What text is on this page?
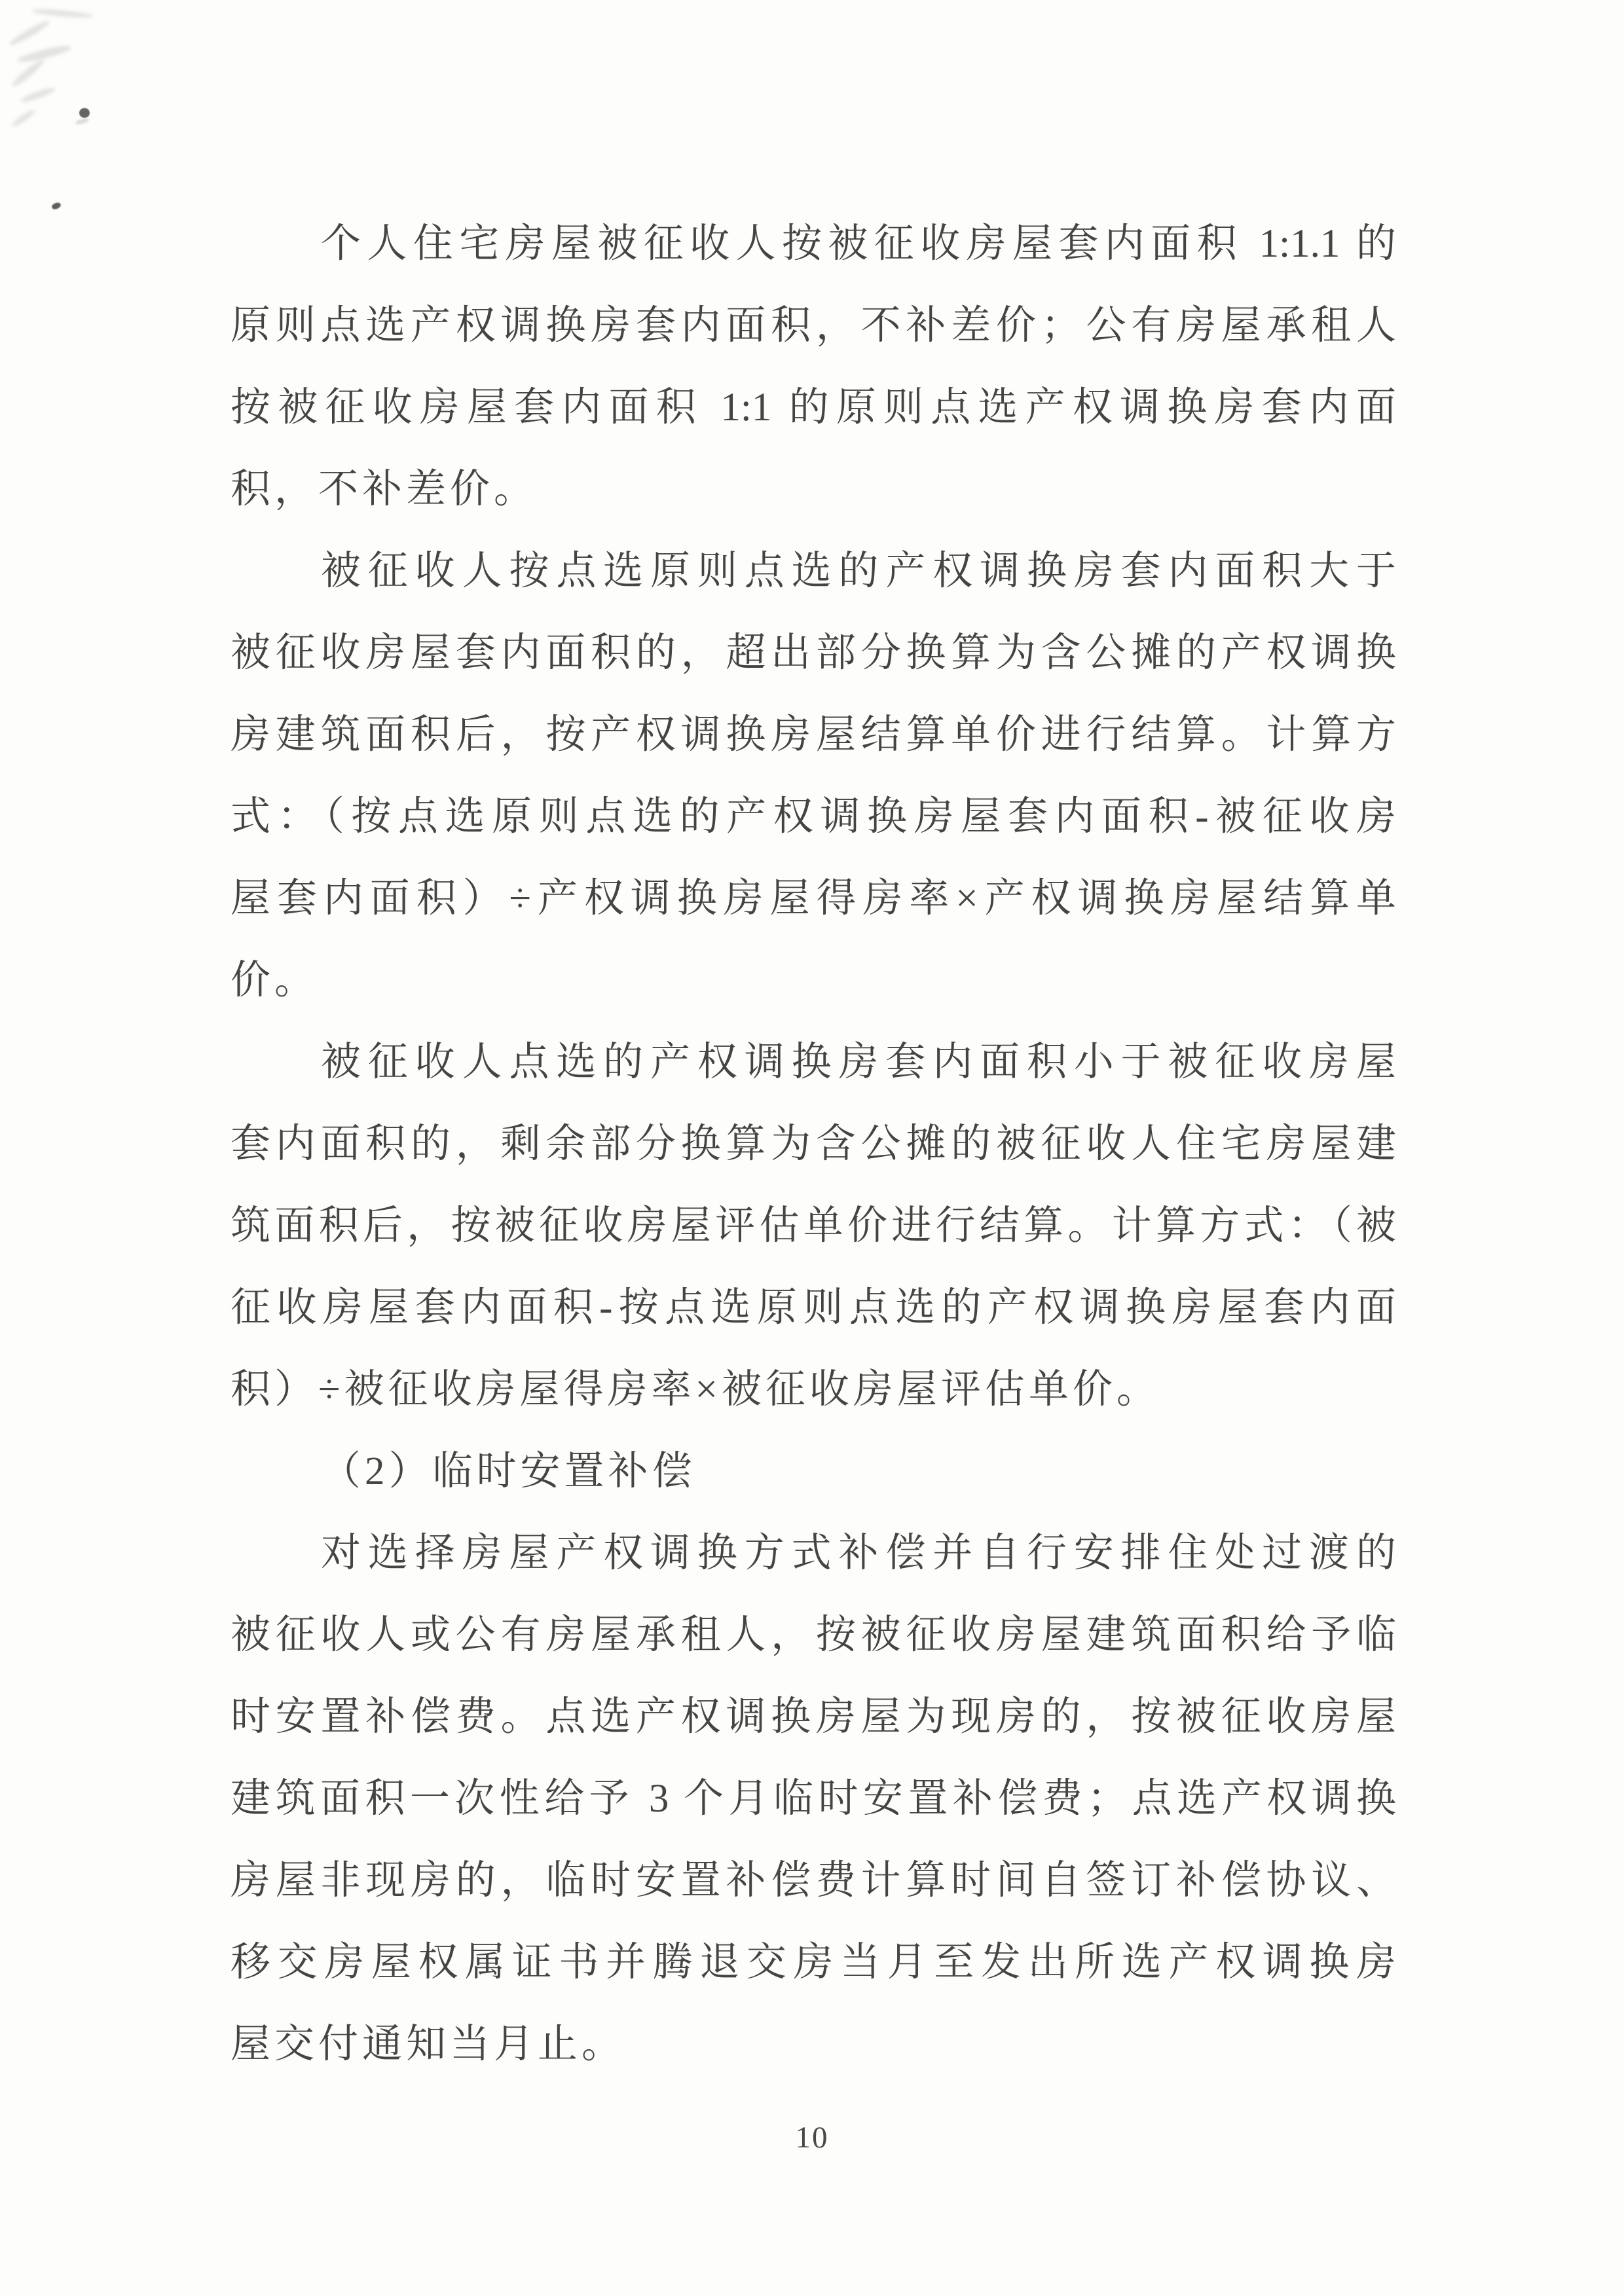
个人住宅房屋被征收人按被征收房屋套内面积 1:1.1 的
原则点选产权调换房套内面积，不补差价；公有房屋承租人
按被征收房屋套内面积 1:1 的原则点选产权调换房套内面
积，不补差价。
被征收人按点选原则点选的产权调换房套内面积大于
被征收房屋套内面积的，超出部分换算为含公摊的产权调换
房建筑面积后，按产权调换房屋结算单价进行结算。计算方
式：（按点选原则点选的产权调换房屋套内面积-被征收房
屋套内面积）÷产权调换房屋得房率×产权调换房屋结算单
价。
被征收人点选的产权调换房套内面积小于被征收房屋
套内面积的，剩余部分换算为含公摊的被征收人住宅房屋建
筑面积后，按被征收房屋评估单价进行结算。计算方式：（被
征收房屋套内面积-按点选原则点选的产权调换房屋套内面
积）÷被征收房屋得房率×被征收房屋评估单价。
（2）临时安置补偿
对选择房屋产权调换方式补偿并自行安排住处过渡的
被征收人或公有房屋承租人，按被征收房屋建筑面积给予临
时安置补偿费。点选产权调换房屋为现房的，按被征收房屋
建筑面积一次性给予 3 个月临时安置补偿费；点选产权调换
房屋非现房的，临时安置补偿费计算时间自签订补偿协议、
移交房屋权属证书并腾退交房当月至发出所选产权调换房
屋交付通知当月止。
10
